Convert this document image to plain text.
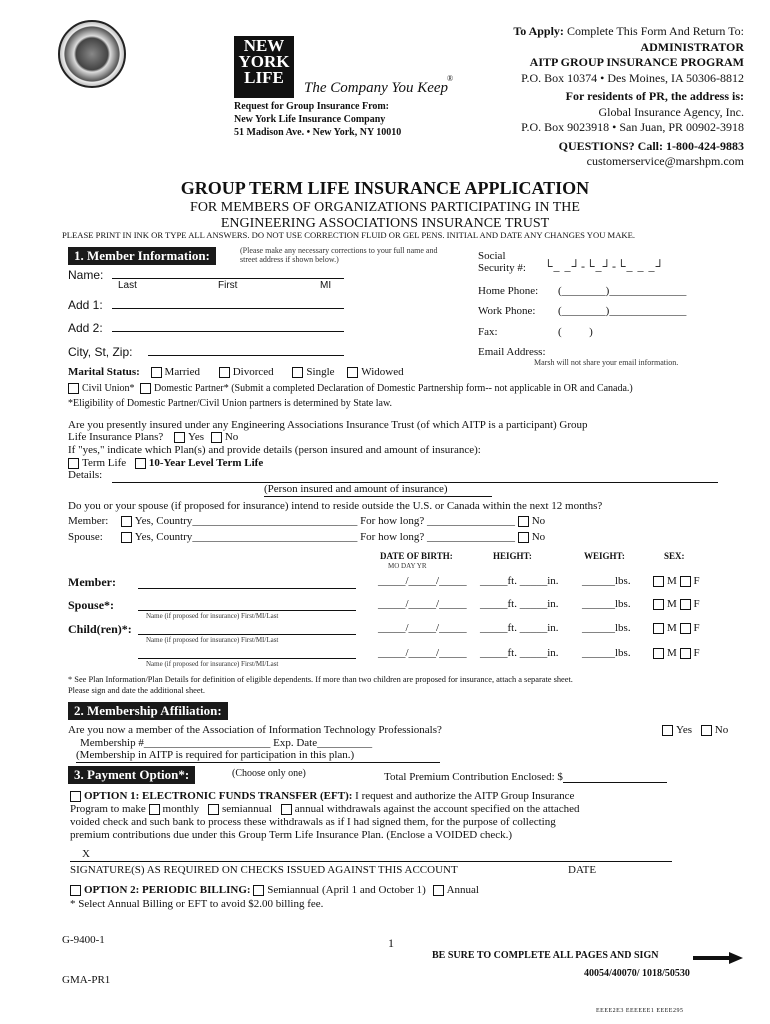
NEW
YORK
LIFE
The Company You Keep
®
Request for Group Insurance From:
New York Life Insurance Company
51 Madison Ave. • New York, NY 10010
To Apply: Complete This Form And Return To:
ADMINISTRATOR
AITP GROUP INSURANCE PROGRAM
P.O. Box 10374 • Des Moines, IA 50306-8812
For residents of PR, the address is:
Global Insurance Agency, Inc.
P.O. Box 9023918 • San Juan, PR 00902-3918
QUESTIONS? Call: 1-800-424-9883
customerservice@marshpm.com
GROUP TERM LIFE INSURANCE APPLICATION
FOR MEMBERS OF ORGANIZATIONS PARTICIPATING IN THE
ENGINEERING ASSOCIATIONS INSURANCE TRUST
PLEASE PRINT IN INK OR TYPE ALL ANSWERS. DO NOT USE CORRECTION FLUID OR GEL PENS. INITIAL AND DATE ANY CHANGES YOU MAKE.
1. Member Information:	(Please make any necessary corrections to your full name and street address if shown below.)
Name:
Last	First	MI
Add 1:
Add 2:
City, St, Zip:
Social
Security #: └_ _┘-└_┘-└_ _ _┘
Home Phone: (________)______________
Work Phone: (________)______________
Fax:	(          )
Email Address:
Marsh will not share your email information.
Marital Status: Married	Divorced	Single Widowed
Civil Union* Domestic Partner* (Submit a completed Declaration of Domestic Partnership form-- not applicable in OR and Canada.)
*Eligibility of Domestic Partner/Civil Union partners is determined by State law.
Are you presently insured under any Engineering Associations Insurance Trust (of which AITP is a participant) Group
Life Insurance Plans? Yes No
If "yes," indicate which Plan(s) and provide details (person insured and amount of insurance):
Term Life 10-Year Level Term Life
Details:
(Person insured and amount of insurance)
Do you or your spouse (if proposed for insurance) intend to reside outside the U.S. or Canada within the next 12 months?
Member: Yes, Country______________________________ For how long? ________________ No
Spouse:	Yes, Country______________________________ For how long? ________________ No
DATE OF BIRTH:
MO DAY YR
HEIGHT:	WEIGHT:	SEX:
Member:	_____/_____/_____ _____ft. _____in. ______lbs.	M F
Spouse*:
Name (if proposed for insurance) First/MI/Last
_____/_____/_____ _____ft. _____in. ______lbs.	M F
Child(ren)*:
Name (if proposed for insurance) First/MI/Last
_____/_____/_____ _____ft. _____in. ______lbs.	M F
Name (if proposed for insurance) First/MI/Last
_____/_____/_____ _____ft. _____in. ______lbs.	M F
* See Plan Information/Plan Details for definition of eligible dependents. If more than two children are proposed for insurance, attach a separate sheet.
Please sign and date the additional sheet.
2. Membership Affiliation:
Are you now a member of the Association of Information Technology Professionals?	Yes No
Membership #_______________________ Exp. Date__________
(Membership in AITP is required for participation in this plan.)
3. Payment Option*:	(Choose only one)	Total Premium Contribution Enclosed: $
OPTION 1: ELECTRONIC FUNDS TRANSFER (EFT): I request and authorize the AITP Group Insurance
Program to make monthly semiannual annual withdrawals against the account specified on the attached
voided check and such bank to process these withdrawals as if I had signed them, for the purpose of collecting
premium contributions due under this Group Term Life Insurance Plan. (Enclose a VOIDED check.)
X
SIGNATURE(S) AS REQUIRED ON CHECKS ISSUED AGAINST THIS ACCOUNT	DATE
OPTION 2: PERIODIC BILLING: Semiannual (April 1 and October 1) Annual
* Select Annual Billing or EFT to avoid $2.00 billing fee.
G-9400-1	1
BE SURE TO COMPLETE ALL PAGES AND SIGN
40054/40070/ 1018/50530
GMA-PR1
EEEE2E3 EEEEEE1 EEEE295
